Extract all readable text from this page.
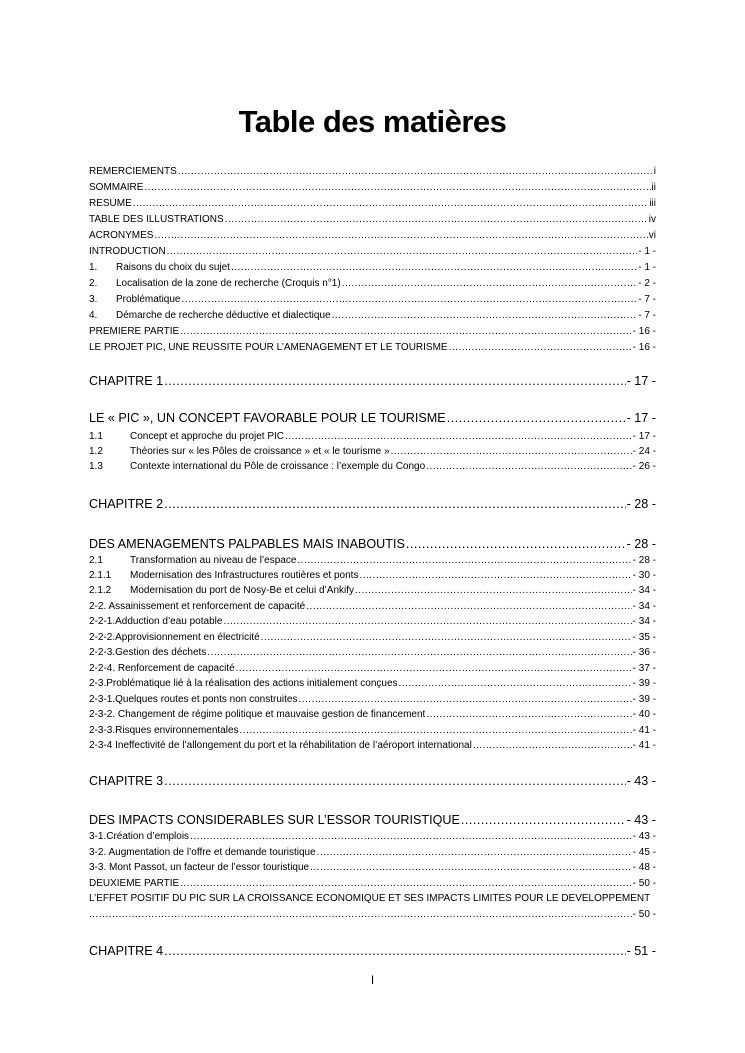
Table des matières
REMERCIEMENTS .....	i
SOMMAIRE .....	ii
RESUME .....	iii
TABLE DES ILLUSTRATIONS .....	iv
ACRONYMES .....	vi
INTRODUCTION .....	- 1 -
1.	Raisons du choix du sujet .....	- 1 -
2.	Localisation de la zone de recherche (Croquis n°1) .....	- 2 -
3.	Problématique .....	- 7 -
4.	Démarche de recherche déductive et dialectique .....	- 7 -
PREMIERE PARTIE .....	- 16 -
LE PROJET PIC, UNE REUSSITE POUR L’AMENAGEMENT ET LE TOURISME .....	- 16 -
CHAPITRE 1 .....	- 17 -
LE « PIC », UN CONCEPT FAVORABLE POUR LE TOURISME .....	- 17 -
1.1	Concept et approche du projet PIC .....	- 17 -
1.2	Théories sur « les Pôles de croissance » et « le tourisme » .....	- 24 -
1.3	Contexte international du Pôle de croissance : l’exemple du Congo .....	- 26 -
CHAPITRE 2 .....	- 28 -
DES AMENAGEMENTS PALPABLES MAIS INABOUTIS .....	- 28 -
2.1	Transformation au niveau de l’espace .....	- 28 -
2.1.1	Modernisation des Infrastructures routières et ponts .....	- 30 -
2.1.2	Modernisation du port de Nosy-Be et celui d’Ankify .....	- 34 -
2-2. Assainissement et renforcement de capacité .....	- 34 -
2-2-1.Adduction d’eau potable .....	- 34 -
2-2-2.Approvisionnement en électricité .....	- 35 -
2-2-3.Gestion des déchets .....	- 36 -
2-2-4. Renforcement de capacité .....	- 37 -
2-3.Problématique lié à la réalisation des actions initialement conçues .....	- 39 -
2-3-1.Quelques routes et ponts non construites .....	- 39 -
2-3-2. Changement de régime politique et mauvaise gestion de financement .....	- 40 -
2-3-3.Risques environnementales .....	- 41 -
2-3-4 Ineffectivité de l’allongement du port et la réhabilitation de l’aéroport international .....	- 41 -
CHAPITRE 3 .....	- 43 -
DES IMPACTS CONSIDERABLES SUR L’ESSOR TOURISTIQUE .....	- 43 -
3-1.Création d’emplois .....	- 43 -
3-2. Augmentation de l’offre et demande touristique .....	- 45 -
3-3. Mont Passot, un facteur de l’essor touristique .....	- 48 -
DEUXIEME PARTIE .....	- 50 -
L’EFFET POSITIF DU PIC SUR LA CROISSANCE ECONOMIQUE ET SES IMPACTS LIMITES POUR LE DEVELOPPEMENT
.....
- 50 -
CHAPITRE 4 .....	- 51 -
I
